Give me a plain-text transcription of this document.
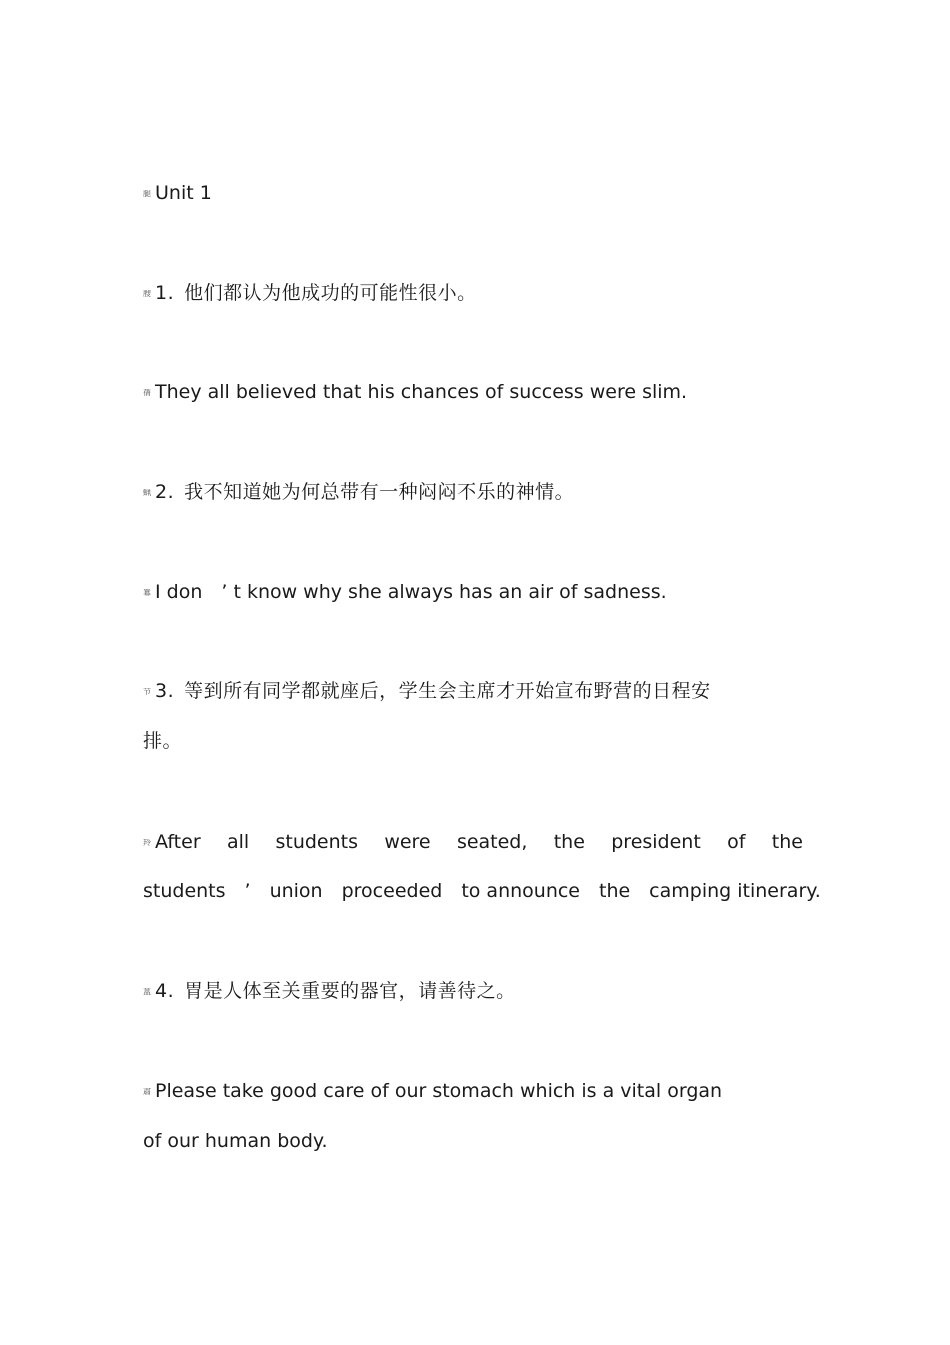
腿 Unit 1
膄 1. 他们都认为他成功的可能性很小。
蒨 They all believed that his chances of success were slim.
蝋 2. 我不知道她为何总带有一种闷闷不乐的神情。
羃 I don　’ t know why she always has an air of sadness.
节 3. 等到所有同学都就座后，学生会主席才开始宣布野营的日程安
排。
羚 After all students were seated, the president of the
students　’　union　proceeded　to announce　the　camping itinerary.
蒕 4. 胃是人体至关重要的器官，请善待之。
肅 Please take good care of our stomach which is a vital organ
of our human body.
